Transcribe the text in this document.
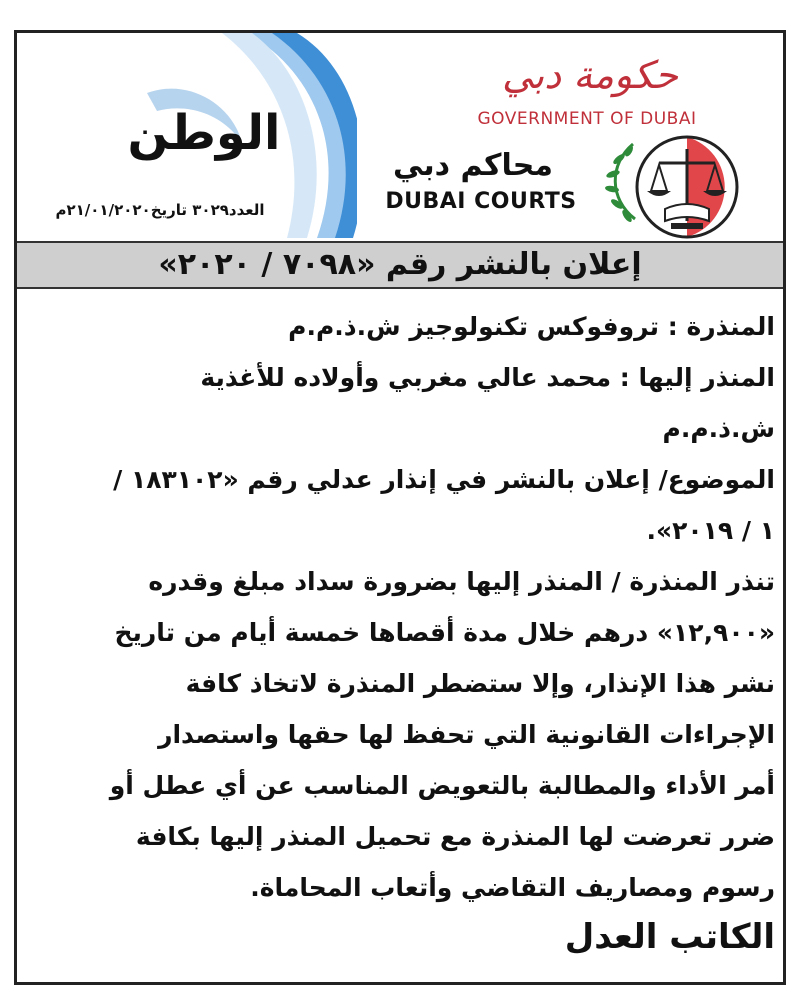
الوطن
العدد٣٠٢٩ تاريخ٢١/٠١/٢٠٢٠م
حكومة دبي
GOVERNMENT OF DUBAI
محاكم دبي
DUBAI COURTS
إعلان بالنشر رقم «٧٠٩٨ / ٢٠٢٠»

المنذرة : تروفوكس تكنولوجيز ش.ذ.م.م

المنذر إليها : محمد عالي مغربي وأولاده للأغذية

ش.ذ.م.م

الموضوع/ إعلان بالنشر في إنذار عدلي رقم «١٨٣١٠٢ /

١ / ٢٠١٩».

تنذر المنذرة / المنذر إليها بضرورة سداد مبلغ وقدره

«١٢,٩٠٠» درهم خلال مدة أقصاها خمسة أيام من تاريخ

نشر هذا الإنذار، وإلا ستضطر المنذرة لاتخاذ كافة

الإجراءات القانونية التي تحفظ لها حقها واستصدار

أمر الأداء والمطالبة بالتعويض المناسب عن أي عطل أو

ضرر تعرضت لها المنذرة مع تحميل المنذر إليها بكافة

رسوم ومصاريف التقاضي وأتعاب المحاماة.

الكاتب العدل
